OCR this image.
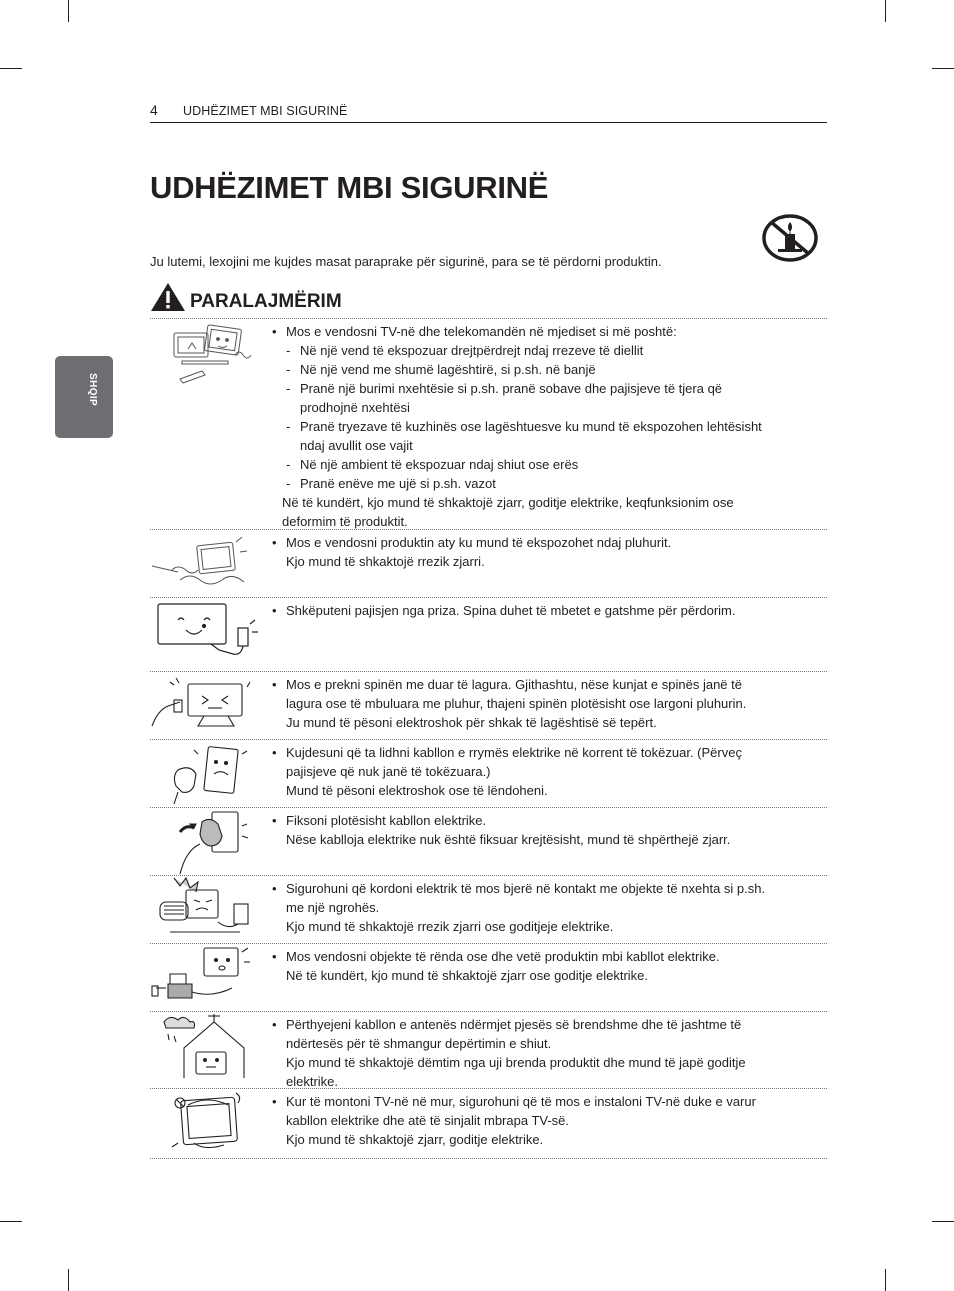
4 UDHËZIMET MBI SIGURINË
UDHËZIMET MBI SIGURINË
Ju lutemi, lexojini me kujdes masat paraprake për sigurinë, para se të përdorni produktin.
SHQIP
PARALAJMËRIM
• Mos e vendosni TV-në dhe telekomandën në mjediset si më poshtë:
- Në një vend të ekspozuar drejtpërdrejt ndaj rrezeve të diellit
- Në një vend me shumë lagështirë, si p.sh. në banjë
- Pranë një burimi nxehtësie si p.sh. pranë sobave dhe pajisjeve të tjera që
prodhojnë nxehtësi
- Pranë tryezave të kuzhinës ose lagështuesve ku mund të ekspozohen lehtësisht
ndaj avullit ose vajit
- Në një ambient të ekspozuar ndaj shiut ose erës
- Pranë enëve me ujë si p.sh. vazot
Në të kundërt, kjo mund të shkaktojë zjarr, goditje elektrike, keqfunksionim ose
deformim të produktit.
• Mos e vendosni produktin aty ku mund të ekspozohet ndaj pluhurit.
Kjo mund të shkaktojë rrezik zjarri.
• Shkëputeni pajisjen nga priza. Spina duhet të mbetet e gatshme për përdorim.
• Mos e prekni spinën me duar të lagura. Gjithashtu, nëse kunjat e spinës janë të
lagura ose të mbuluara me pluhur, thajeni spinën plotësisht ose largoni pluhurin.
Ju mund të pësoni elektroshok për shkak të lagështisë së tepërt.
• Kujdesuni që ta lidhni kabllon e rrymës elektrike në korrent të tokëzuar. (Përveç
pajisjeve që nuk janë të tokëzuara.)
Mund të pësoni elektroshok ose të lëndoheni.
• Fiksoni plotësisht kabllon elektrike.
Nëse kablloja elektrike nuk është fiksuar krejtësisht, mund të shpërthejë zjarr.
• Sigurohuni që kordoni elektrik të mos bjerë në kontakt me objekte të nxehta si p.sh.
me një ngrohës.
Kjo mund të shkaktojë rrezik zjarri ose goditjeje elektrike.
• Mos vendosni objekte të rënda ose dhe vetë produktin mbi kabllot elektrike.
Në të kundërt, kjo mund të shkaktojë zjarr ose goditje elektrike.
• Përthyejeni kabllon e antenës ndërmjet pjesës së brendshme dhe të jashtme të
ndërtesës për të shmangur depërtimin e shiut.
Kjo mund të shkaktojë dëmtim nga uji brenda produktit dhe mund të japë goditje
elektrike.
• Kur të montoni TV-në në mur, sigurohuni që të mos e instaloni TV-në duke e varur
kabllon elektrike dhe atë të sinjalit mbrapa TV-së.
Kjo mund të shkaktojë zjarr, goditje elektrike.
